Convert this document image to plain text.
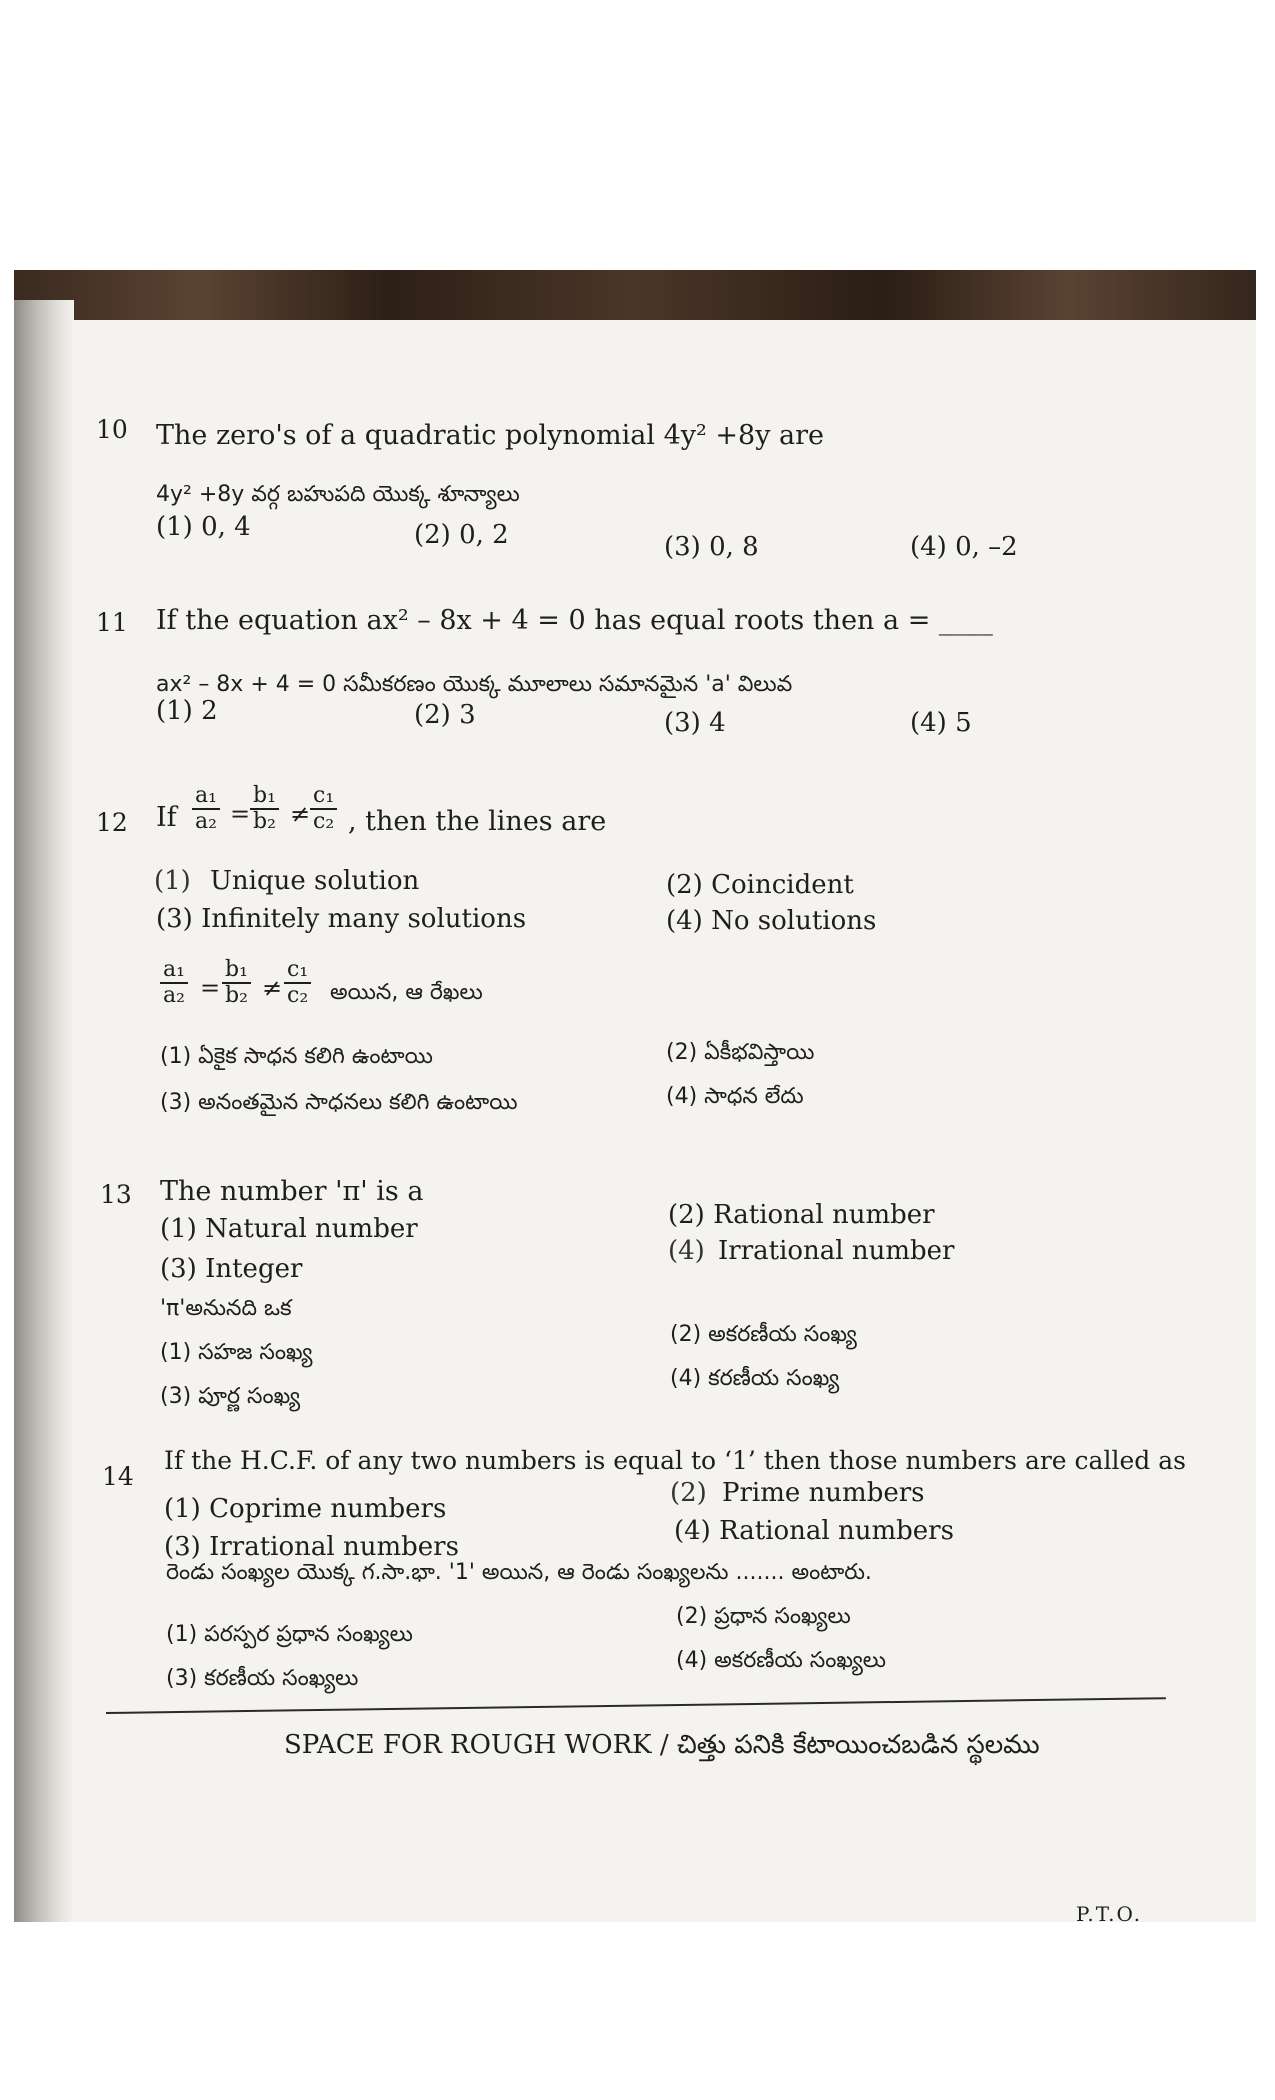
10 The zero's of a quadratic polynomial 4y² +8y are
4y² +8y వర్గ బహుపది యొక్క శూన్యాలు
(1) 0, 4	(2) 0, 2	(3) 0, 8	(4) 0, –2
11 If the equation ax² – 8x + 4 = 0 has equal roots then a = ____
ax² – 8x + 4 = 0 సమీకరణం యొక్క మూలాలు సమానమైన 'a' విలువ
(1) 2	(2) 3	(3) 4	(4) 5
12 If $\frac{\text{a₁}}{\text{a₂}} = \frac{\text{b₁}}{\text{b₂}} \ne \frac{\text{c₁}}{\text{c₂}}$ , then the lines are
(1) Unique solution	(2) Coincident
(3) Infinitely many solutions	(4) No solutions
$\frac{\text{a₁}}{\text{a₂}} = \frac{\text{b₁}}{\text{b₂}} \ne \frac{\text{c₁}}{\text{c₂}}$ అయిన, ఆ రేఖలు
(1) ఏకైక సాధన కలిగి ఉంటాయి	(2) ఏకీభవిస్తాయి
(3) అనంతమైన సాధనలు కలిగి ఉంటాయి	(4) సాధన లేదు
13 The number 'π' is a
(1) Natural number	(2) Rational number
(3) Integer
(4) Irrational number
'π'అనునది ఒక
(1) సహజ సంఖ్య
(2) అకరణీయ సంఖ్య
(3) పూర్ణ సంఖ్య
(4) కరణీయ సంఖ్య
14
If the H.C.F. of any two numbers is equal to ‘1’ then those numbers are called as
(1) Coprime numbers
(2) Prime numbers
(3) Irrational numbers
(4) Rational numbers
రెండు సంఖ్యల యొక్క గ.సా.భా. '1' అయిన, ఆ రెండు సంఖ్యలను ....... అంటారు.
(1) పరస్పర ప్రధాన సంఖ్యలు
(2) ప్రధాన సంఖ్యలు
(3) కరణీయ సంఖ్యలు
(4) అకరణీయ సంఖ్యలు
SPACE FOR ROUGH WORK / చిత్తు పనికి కేటాయించబడిన స్థలము
P.T.O.
